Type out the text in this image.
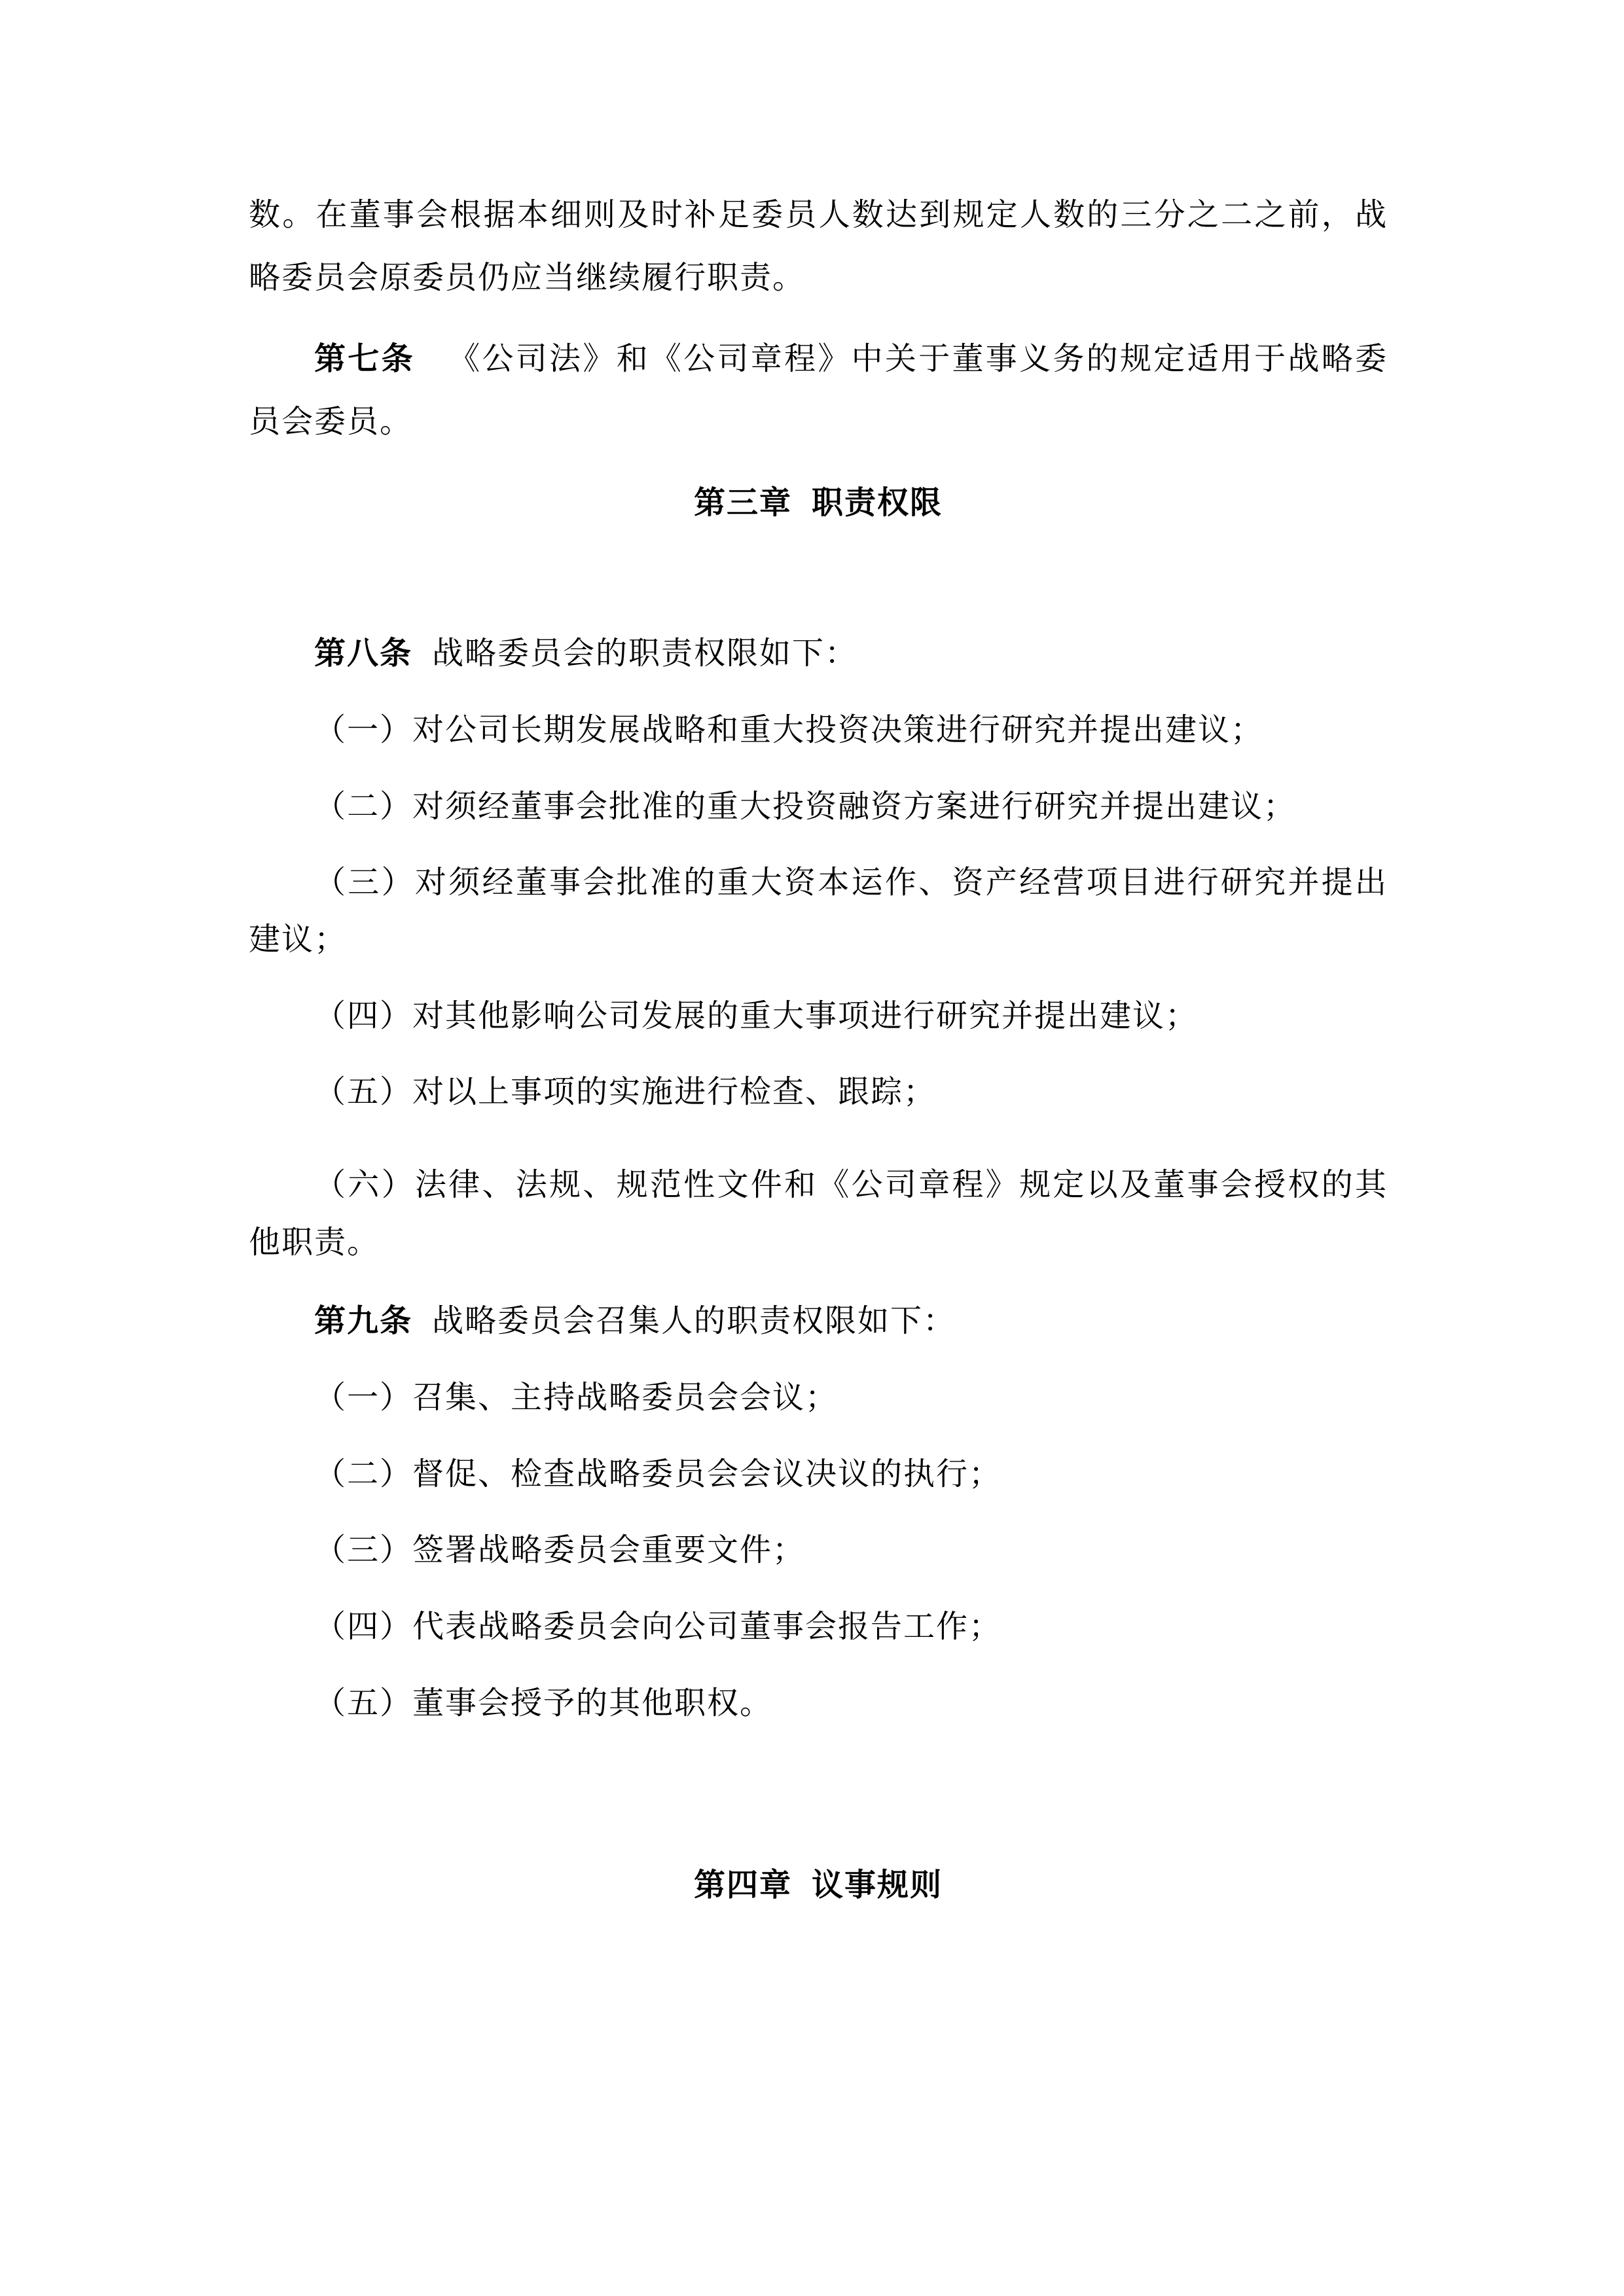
数。在董事会根据本细则及时补足委员人数达到规定人数的三分之二之前，战
略委员会原委员仍应当继续履行职责。
第七条 《公司法》和《公司章程》中关于董事义务的规定适用于战略委
员会委员。
第三章 职责权限
第八条 战略委员会的职责权限如下：
（一）对公司长期发展战略和重大投资决策进行研究并提出建议；
（二）对须经董事会批准的重大投资融资方案进行研究并提出建议；
（三）对须经董事会批准的重大资本运作、资产经营项目进行研究并提出
建议；
（四）对其他影响公司发展的重大事项进行研究并提出建议；
（五）对以上事项的实施进行检查、跟踪；
（六）法律、法规、规范性文件和《公司章程》规定以及董事会授权的其
他职责。
第九条 战略委员会召集人的职责权限如下：
（一）召集、主持战略委员会会议；
（二）督促、检查战略委员会会议决议的执行；
（三）签署战略委员会重要文件；
（四）代表战略委员会向公司董事会报告工作；
（五）董事会授予的其他职权。
第四章 议事规则
